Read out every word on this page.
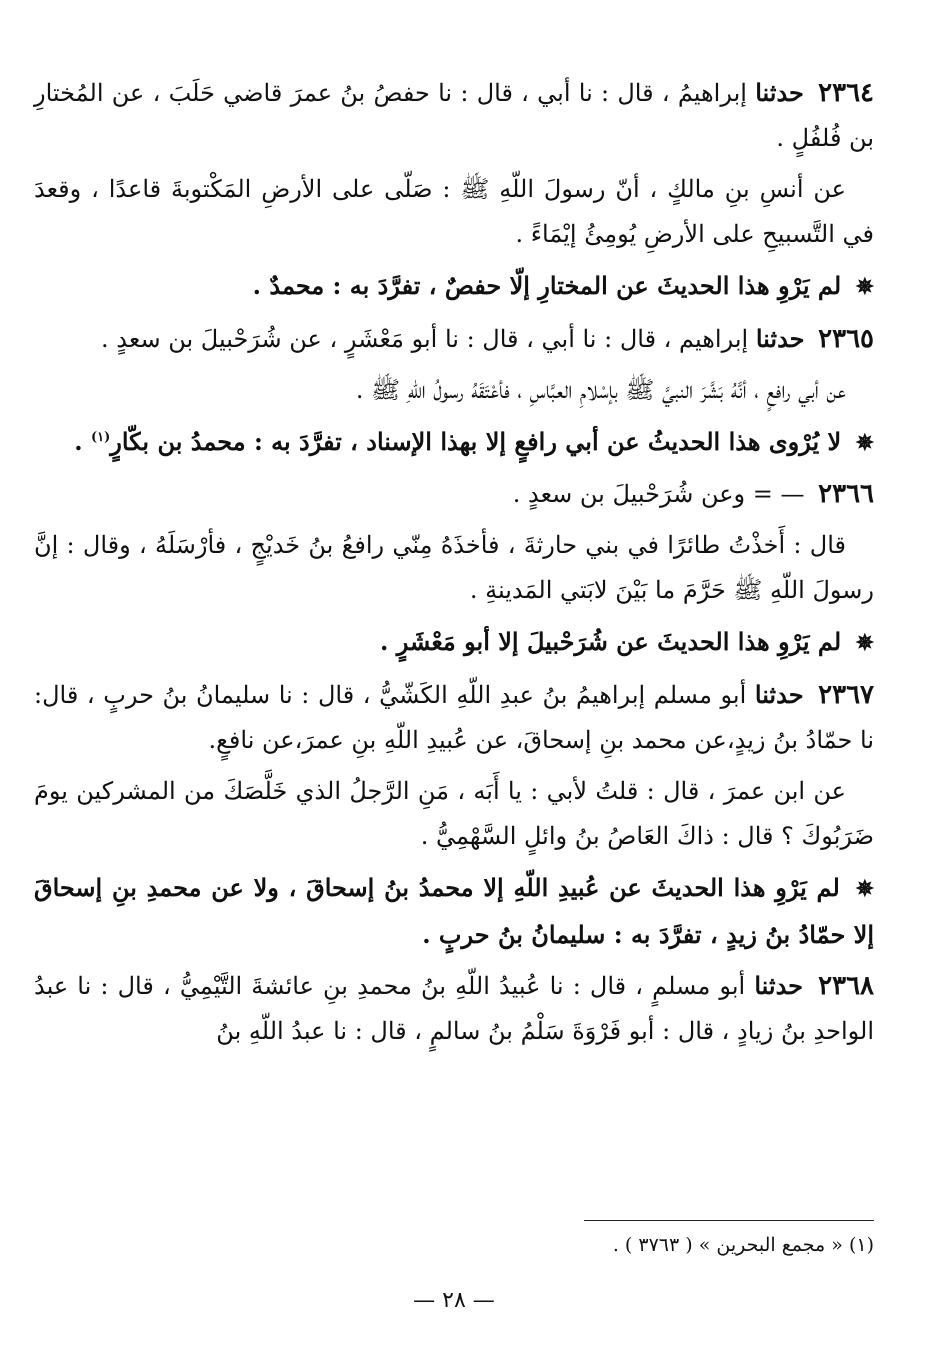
٢٣٦٤ حدثنا إبراهيمُ ، قال : نا أبي ، قال : نا حفصُ بنُ عمرَ قاضي حَلَبَ ، عن المُختارِ بن فُلفُلٍ .

عن أنسِ بنِ مالكٍ ، أنّ رسولَ اللّهِ ﷺ : صَلّى على الأرضِ المَكْتوبةَ قاعدًا ، وقعدَ في التَّسبيحِ على الأرضِ يُومِئُ إيْمَاءً .

✵ لم يَرْوِ هذا الحديثَ عن المختارِ إلّا حفصٌ ، تفرَّدَ به : محمدٌ .

٢٣٦٥ حدثنا إبراهيم ، قال : نا أبي ، قال : نا أبو مَعْشَرٍ ، عن شُرَحْبيلَ بن سعدٍ .

عن أبي رافعٍ ، أنَّهُ بَشَّرَ النبيَّ ﷺ بإسْلامِ العبَّاسِ ، فأعْتَقَهُ رسولُ اللهِ ﷺ .

✵ لا يُرْوى هذا الحديثُ عن أبي رافعٍ إلا بهذا الإسناد ، تفرَّدَ به : محمدُ بن بكّارٍ$^{(١)}$ .

٢٣٦٦ — = وعن شُرَحْبيلَ بن سعدٍ .

قال : أَخذْتُ طائرًا في بني حارثةَ ، فأخذَهُ مِنّي رافعُ بنُ خَديْجٍ ، فأرْسَلَهُ ، وقال : إنَّ رسولَ اللّهِ ﷺ حَرَّمَ ما بَيْنَ لابَتي المَدينةِ .

✵ لم يَرْوِ هذا الحديثَ عن شُرَحْبيلَ إلا أبو مَعْشَرٍ .

٢٣٦٧ حدثنا أبو مسلم إبراهيمُ بنُ عبدِ اللّهِ الكَشّيُّ ، قال : نا سليمانُ بنُ حربٍ ، قال: نا حمّادُ بنُ زيدٍ،عن محمد بنِ إسحاقَ، عن عُبيدِ اللّهِ بنِ عمرَ،عن نافعٍ.

عن ابن عمرَ ، قال : قلتُ لأبي : يا أَبَه ، مَنِ الرَّجلُ الذي خَلَّصَكَ من المشركين يومَ ضَرَبُوكَ ؟ قال : ذاكَ العَاصُ بنُ وائلٍ السَّهْمِيُّ .

✵ لم يَرْوِ هذا الحديثَ عن عُبيدِ اللّهِ إلا محمدُ بنُ إسحاقَ ، ولا عن محمدِ بنِ إسحاقَ إلا حمّادُ بنُ زيدٍ ، تفرَّدَ به : سليمانُ بنُ حربٍ .

٢٣٦٨ حدثنا أبو مسلمٍ ، قال : نا عُبيدُ اللّهِ بنُ محمدِ بنِ عائشةَ التَّيْمِيُّ ، قال : نا عبدُ الواحدِ بنُ زيادٍ ، قال : أبو فَرْوَةَ سَلْمُ بنُ سالمٍ ، قال : نا عبدُ اللّهِ بنُ

(١) « مجمع البحرين » ( ٣٧٦٣ ) .
— ٢٨ —
